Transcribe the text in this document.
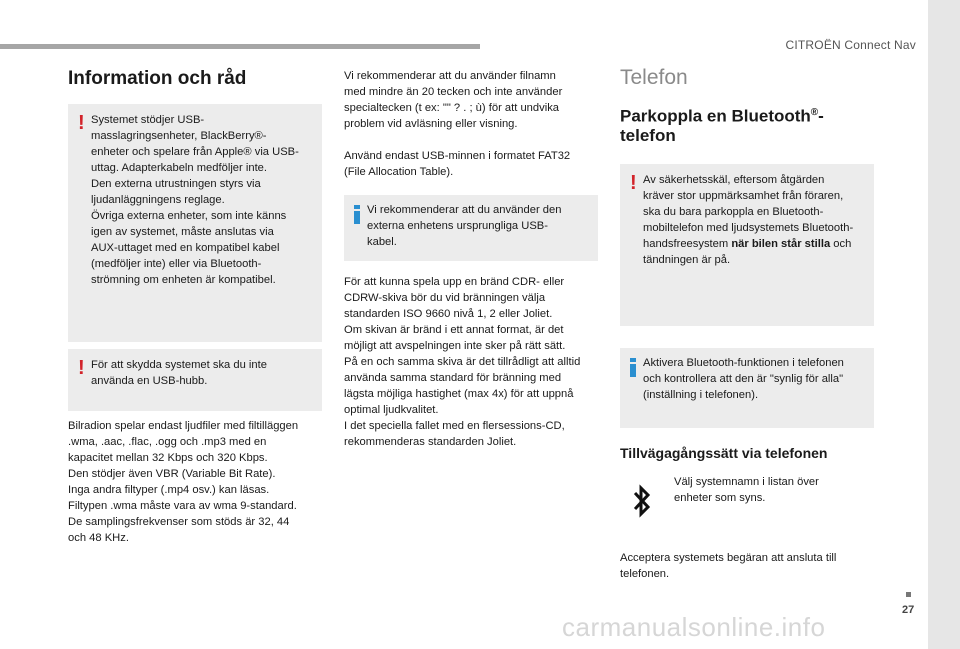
CITROËN Connect Nav
27
Information och råd
! Systemet stödjer USB-
masslagringsenheter, BlackBerry®-
enheter och spelare från Apple® via USB-
uttag. Adapterkabeln medföljer inte.
Den externa utrustningen styrs via
ljudanläggningens reglage.
Övriga externa enheter, som inte känns
igen av systemet, måste anslutas via
AUX-uttaget med en kompatibel kabel
(medföljer inte) eller via Bluetooth-
strömning om enheten är kompatibel.
! För att skydda systemet ska du inte
använda en USB-hubb.
Bilradion spelar endast ljudfiler med filtilläggen
.wma, .aac, .flac, .ogg och .mp3 med en
kapacitet mellan 32 Kbps och 320 Kbps.
Den stödjer även VBR (Variable Bit Rate).
Inga andra filtyper (.mp4 osv.) kan läsas.
Filtypen .wma måste vara av wma 9-standard.
De samplingsfrekvenser som stöds är 32, 44
och 48 KHz.
Vi rekommenderar att du använder filnamn
med mindre än 20 tecken och inte använder
specialtecken (t ex: "" ? . ; ù) för att undvika
problem vid avläsning eller visning.
Använd endast USB-minnen i formatet FAT32
(File Allocation Table).
Vi rekommenderar att du använder den
externa enhetens ursprungliga USB-
kabel.
För att kunna spela upp en bränd CDR- eller
CDRW-skiva bör du vid bränningen välja
standarden ISO 9660 nivå 1, 2 eller Joliet.
Om skivan är bränd i ett annat format, är det
möjligt att avspelningen inte sker på rätt sätt.
På en och samma skiva är det tillrådligt att alltid
använda samma standard för bränning med
lägsta möjliga hastighet (max 4x) för att uppnå
optimal ljudkvalitet.
I det speciella fallet med en flersessions-CD,
rekommenderas standarden Joliet.
Telefon
Parkoppla en Bluetooth®-
telefon
! Av säkerhetsskäl, eftersom åtgärden
kräver stor uppmärksamhet från föraren,
ska du bara parkoppla en Bluetooth-
mobiltelefon med ljudsystemets Bluetooth-
handsfreesystem när bilen står stilla och
tändningen är på.
Aktivera Bluetooth-funktionen i telefonen
och kontrollera att den är "synlig för alla"
(inställning i telefonen).
Tillvägagångssätt via telefonen
Välj systemnamn i listan över
enheter som syns.
Acceptera systemets begäran att ansluta till
telefonen.
carmanualsonline.info
